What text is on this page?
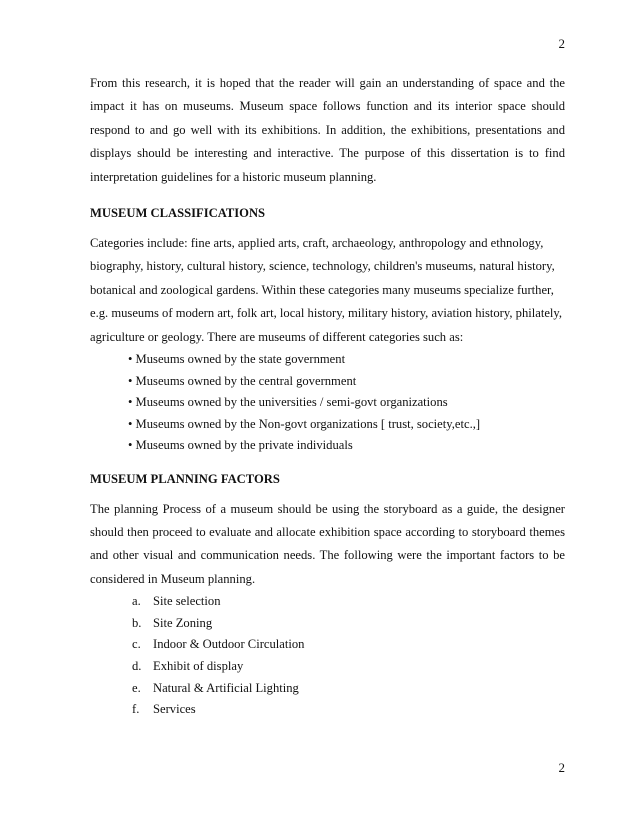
2

From this research, it is hoped that the reader will gain an understanding of space and the impact it has on museums. Museum space follows function and its interior space should respond to and go well with its exhibitions. In addition, the exhibitions, presentations and displays should be interesting and interactive. The purpose of this dissertation is to find interpretation guidelines for a historic museum planning.

MUSEUM CLASSIFICATIONS

Categories include: fine arts, applied arts, craft, archaeology, anthropology and ethnology,

biography, history, cultural history, science, technology, children's museums, natural history,

botanical and zoological gardens. Within these categories many museums specialize further,

e.g. museums of modern art, folk art, local history, military history, aviation history, philately,

agriculture or geology. There are museums of different categories such as:

• Museums owned by the state government
• Museums owned by the central government
• Museums owned by the universities / semi-govt organizations
• Museums owned by the Non-govt organizations [ trust, society,etc.,]
• Museums owned by the private individuals
MUSEUM PLANNING FACTORS

The planning Process of a museum should be using the storyboard as a guide, the designer should then proceed to evaluate and allocate exhibition space according to storyboard themes and other visual and communication needs. The following were the important factors to be considered in Museum planning.

a. Site selection
b. Site Zoning
c. Indoor & Outdoor Circulation
d. Exhibit of display
e. Natural & Artificial Lighting
f.	Services
2
